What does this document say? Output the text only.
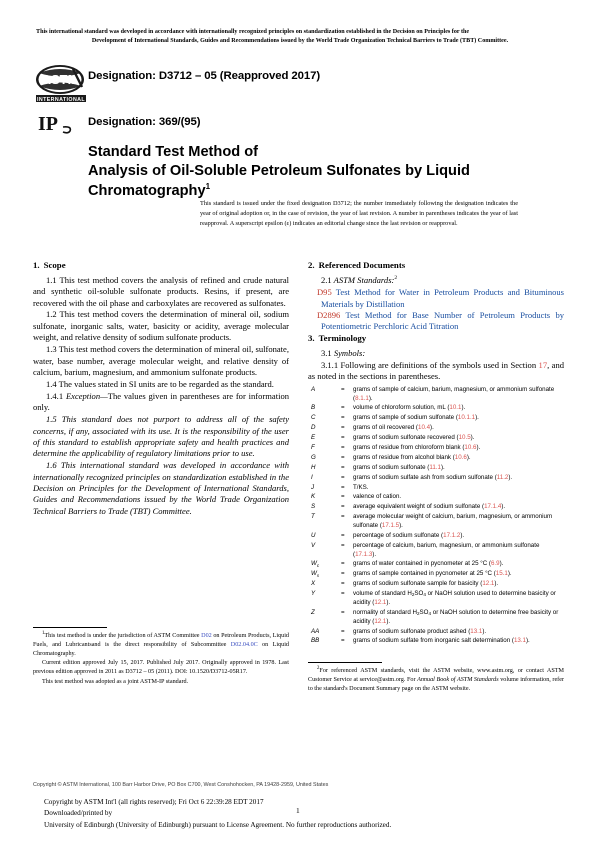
This international standard was developed in accordance with internationally recognized principles on standardization established in the Decision on Principles for the
Development of International Standards, Guides and Recommendations issued by the World Trade Organization Technical Barriers to Trade (TBT) Committee.
ASTM
INTERNATIONAL
IP
Designation: D3712 – 05 (Reapproved 2017)
Designation: 369/(95)
Standard Test Method of
Analysis of Oil-Soluble Petroleum Sulfonates by Liquid
Chromatography$^1$
This standard is issued under the fixed designation D3712; the number immediately following the designation indicates the year of original adoption or, in the case of revision, the year of last revision. A number in parentheses indicates the year of last reapproval. A superscript epsilon (ε) indicates an editorial change since the last revision or reapproval.
1. Scope

1.1 This test method covers the analysis of refined and crude natural and synthetic oil-soluble sulfonate products. Resins, if present, are recovered with the oil phase and carboxylates are recovered as sulfonates.

1.2 This test method covers the determination of mineral oil, sodium sulfonate, inorganic salts, water, basicity or acidity, average molecular weight, and relative density of sodium sulfonate products.

1.3 This test method covers the determination of mineral oil, sulfonate, water, base number, average molecular weight, and relative density of calcium, barium, magnesium, and ammonium sulfonate products.

1.4 The values stated in SI units are to be regarded as the standard.

1.4.1 Exception—The values given in parentheses are for information only.

1.5 This standard does not purport to address all of the safety concerns, if any, associated with its use. It is the responsibility of the user of this standard to establish appropriate safety and health practices and determine the applicability of regulatory limitations prior to use.

1.6 This international standard was developed in accordance with internationally recognized principles on standardization established in the Decision on Principles for the Development of International Standards, Guides and Recommendations issued by the World Trade Organization Technical Barriers to Trade (TBT) Committee.

2. Referenced Documents

2.1 ASTM Standards:$^2$

D95 Test Method for Water in Petroleum Products and Bituminous Materials by Distillation

D2896 Test Method for Base Number of Petroleum Products by Potentiometric Perchloric Acid Titration

3. Terminology

3.1 Symbols:

3.1.1 Following are definitions of the symbols used in Section 17, and as noted in the sections in parentheses.

A	=	grams of sample of calcium, barium, magnesium, or ammonium sulfonate (8.1.1).
B	=	volume of chloroform solution, mL (10.1).
C	=	grams of sample of sodium sulfonate (10.1.1).
D	=	grams of oil recovered (10.4).
E	=	grams of sodium sulfonate recovered (10.5).
F	=	grams of residue from chloroform blank (10.6).
G	=	grams of residue from alcohol blank (10.6).
H	=	grams of sodium sulfonate (11.1).
I	=	grams of sodium sulfate ash from sodium sulfonate (11.2).
J	=	T/KS.
K	=	valence of cation.
S	=	average equivalent weight of sodium sulfonate (17.1.4).
T	=	average molecular weight of calcium, barium, magnesium, or ammonium sulfonate (17.1.5).
U	=	percentage of sodium sulfonate (17.1.2).
V	=	percentage of calcium, barium, magnesium, or ammonium sulfonate (17.1.3).
$W_c$	=	grams of water contained in pycnometer at 25 °C (6.9).
$W_s$	=	grams of sample contained in pycnometer at 25 °C (15.1).
X	=	grams of sodium sulfonate sample for basicity (12.1).
Y	=	volume of standard $H_2SO_4$ or NaOH solution used to determine basicity or acidity (12.1).
Z	=	normality of standard $H_2SO_4$ or NaOH solution to determine free basicity or acidity (12.1).
AA	=	grams of sodium sulfonate product ashed (13.1).
BB	=	grams of sodium sulfate from inorganic salt determination (13.1).

$^1$This test method is under the jurisdiction of ASTM Committee D02 on Petroleum Products, Liquid Fuels, and Lubricantsand is the direct responsibility of Subcommittee D02.04.0C on Liquid Chromatography.

Current edition approved July 15, 2017. Published July 2017. Originally approved in 1978. Last previous edition approved in 2011 as D3712 – 05 (2011). DOI: 10.1520/D3712-05R17.

This test method was adopted as a joint ASTM-IP standard.

$^2$For referenced ASTM standards, visit the ASTM website, www.astm.org, or contact ASTM Customer Service at service@astm.org. For Annual Book of ASTM Standards volume information, refer to the standard's Document Summary page on the ASTM website.

Copyright © ASTM International, 100 Barr Harbor Drive, PO Box C700, West Conshohocken, PA 19428-2959, United States
Copyright by ASTM Int'l (all rights reserved); Fri Oct 6 22:39:28 EDT 2017
Downloaded/printed by
University of Edinburgh (University of Edinburgh) pursuant to License Agreement. No further reproductions authorized.
1
